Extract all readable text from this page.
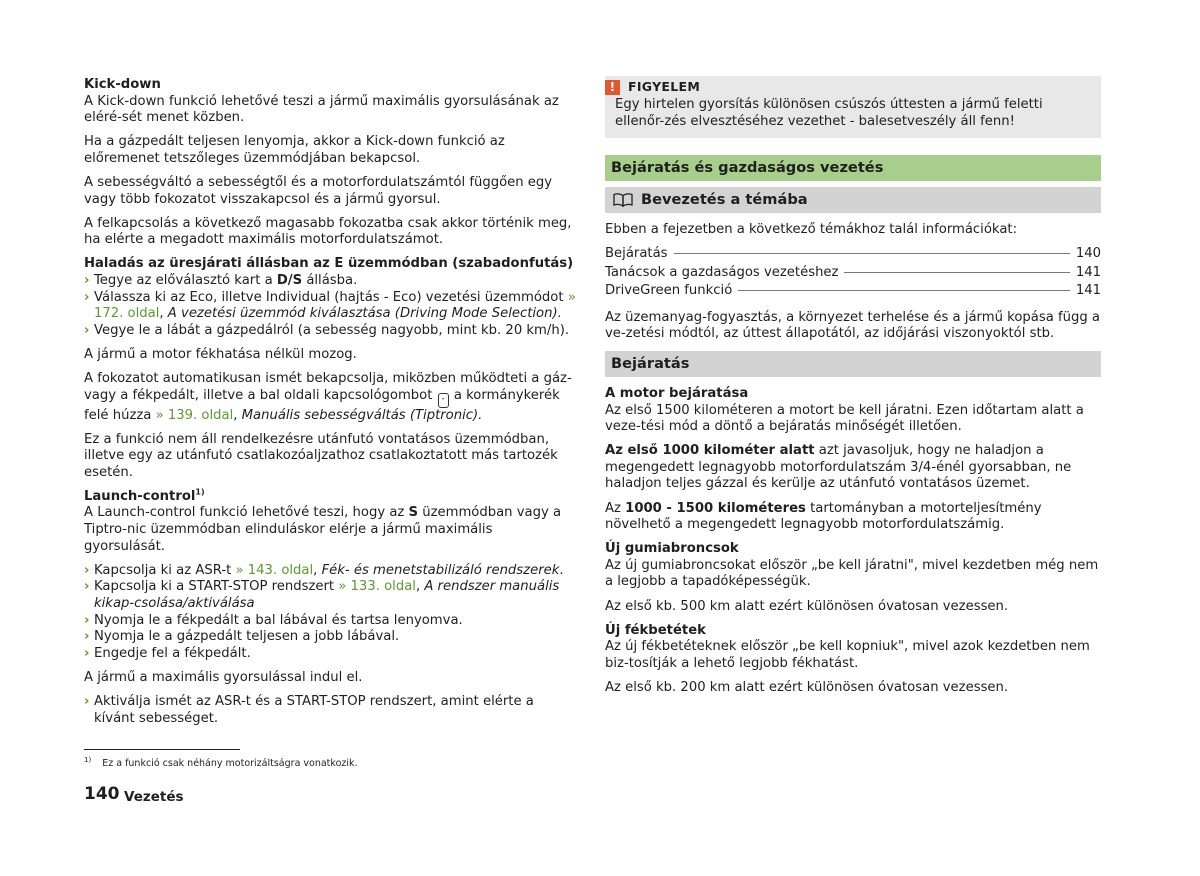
Kick-down

A Kick-down funkció lehetővé teszi a jármű maximális gyorsulásának az eléré-sét menet közben.

Ha a gázpedált teljesen lenyomja, akkor a Kick-down funkció az előremenet tetszőleges üzemmódjában bekapcsol.

A sebességváltó a sebességtől és a motorfordulatszámtól függően egy vagy több fokozatot visszakapcsol és a jármű gyorsul.

A felkapcsolás a következő magasabb fokozatba csak akkor történik meg, ha elérte a megadott maximális motorfordulatszámot.

Haladás az üresjárati állásban az E üzemmódban (szabadonfutás)
› Tegye az előválasztó kart a D/S állásba.
› Válassza ki az Eco, illetve Individual (hajtás - Eco) vezetési üzemmódot » 172. oldal, A vezetési üzemmód kiválasztása (Driving Mode Selection).
› Vegye le a lábát a gázpedálról (a sebesség nagyobb, mint kb. 20 km/h).

A jármű a motor fékhatása nélkül mozog.

A fokozatot automatikusan ismét bekapcsolja, miközben működteti a gáz-vagy a fékpedált, illetve a bal oldali kapcsológombot - a kormánykerék felé húzza » 139. oldal, Manuális sebességváltás (Tiptronic).

Ez a funkció nem áll rendelkezésre utánfutó vontatásos üzemmódban, illetve egy az utánfutó csatlakozóaljzathoz csatlakoztatott más tartozék esetén.

Launch-control$^{1)}$

A Launch-control funkció lehetővé teszi, hogy az S üzemmódban vagy a Tiptro-nic üzemmódban elinduláskor elérje a jármű maximális gyorsulását.

› Kapcsolja ki az ASR-t » 143. oldal, Fék- és menetstabilizáló rendszerek.
› Kapcsolja ki a START-STOP rendszert » 133. oldal, A rendszer manuális kikap-csolása/aktiválása
› Nyomja le a fékpedált a bal lábával és tartsa lenyomva.
› Nyomja le a gázpedált teljesen a jobb lábával.
› Engedje fel a fékpedált.

A jármű a maximális gyorsulással indul el.

› Aktiválja ismét az ASR-t és a START-STOP rendszert, amint elérte a kívánt sebességet.
!	FIGYELEM

Egy hirtelen gyorsítás különösen csúszós úttesten a jármű feletti ellenőr-zés elvesztéséhez vezethet - balesetveszély áll fenn!

Bejáratás és gazdaságos vezetés
Bevezetés a témába

Ebben a fejezetben a következő témákhoz talál információkat:

Bejáratás	140
Tanácsok a gazdaságos vezetéshez	141
DriveGreen funkció	141

Az üzemanyag-fogyasztás, a környezet terhelése és a jármű kopása függ a ve-zetési módtól, az úttest állapotától, az időjárási viszonyoktól stb.

Bejáratás
A motor bejáratása

Az első 1500 kilométeren a motort be kell járatni. Ezen időtartam alatt a veze-tési mód a döntő a bejáratás minőségét illetően.

Az első 1000 kilométer alatt azt javasoljuk, hogy ne haladjon a megengedett legnagyobb motorfordulatszám 3/4-énél gyorsabban, ne haladjon teljes gázzal és kerülje az utánfutó vontatásos üzemet.

Az 1000 - 1500 kilométeres tartományban a motorteljesítmény növelhető a megengedett legnagyobb motorfordulatszámig.

Új gumiabroncsok

Az új gumiabroncsokat először „be kell járatni", mivel kezdetben még nem a legjobb a tapadóképességük.

Az első kb. 500 km alatt ezért különösen óvatosan vezessen.

Új fékbetétek

Az új fékbetéteknek először „be kell kopniuk", mivel azok kezdetben nem biz-tosítják a lehető legjobb fékhatást.

Az első kb. 200 km alatt ezért különösen óvatosan vezessen.

$^{1)}$ Ez a funkció csak néhány motorizáltságra vonatkozik.
140 Vezetés
